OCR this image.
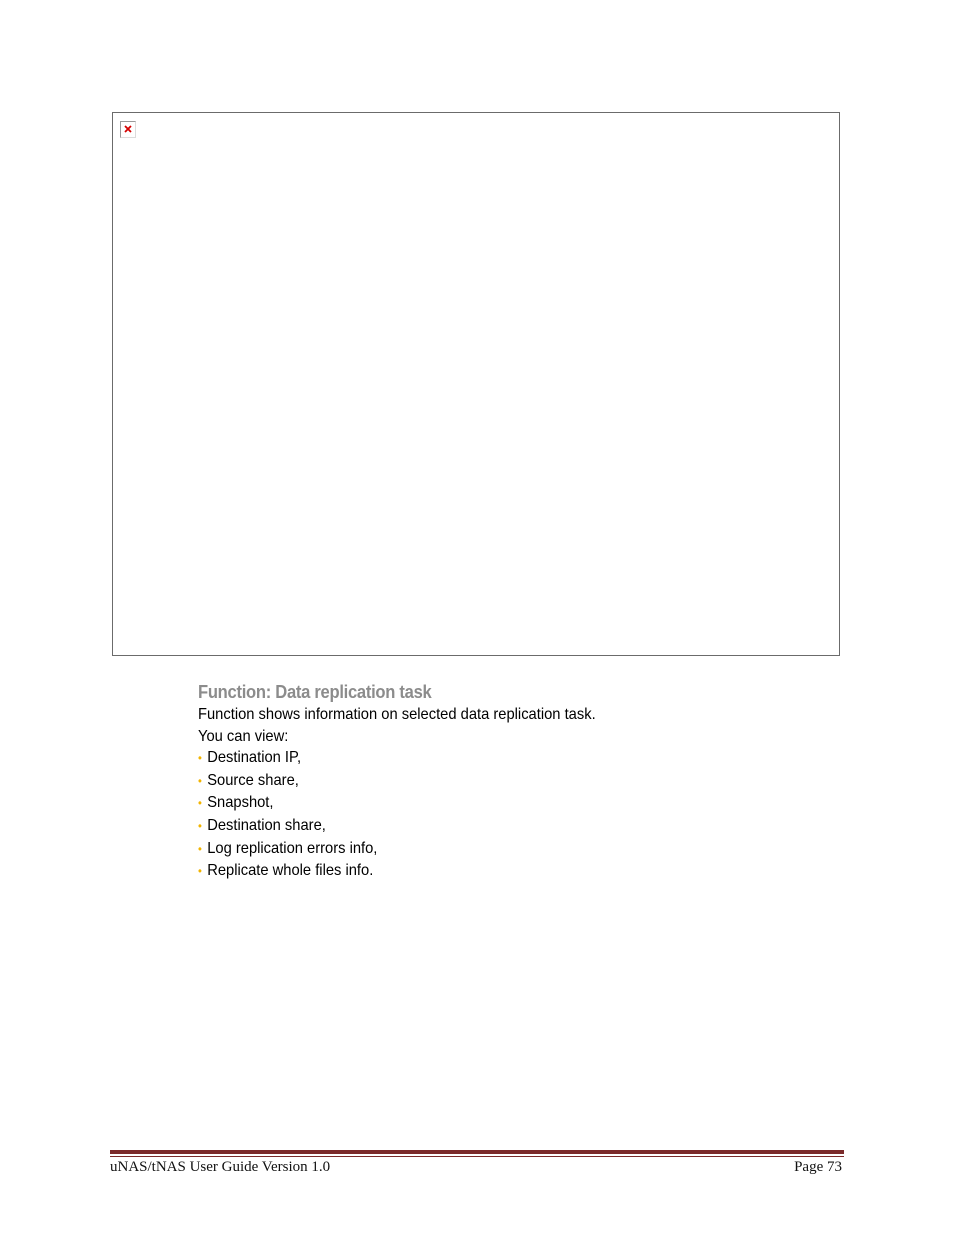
Function: Data replication task

Function shows information on selected data replication task.

You can view:

• Destination IP,
• Source share,
• Snapshot,
• Destination share,
• Log replication errors info,
• Replicate whole files info.
uNAS/tNAS User Guide Version 1.0	Page 73
